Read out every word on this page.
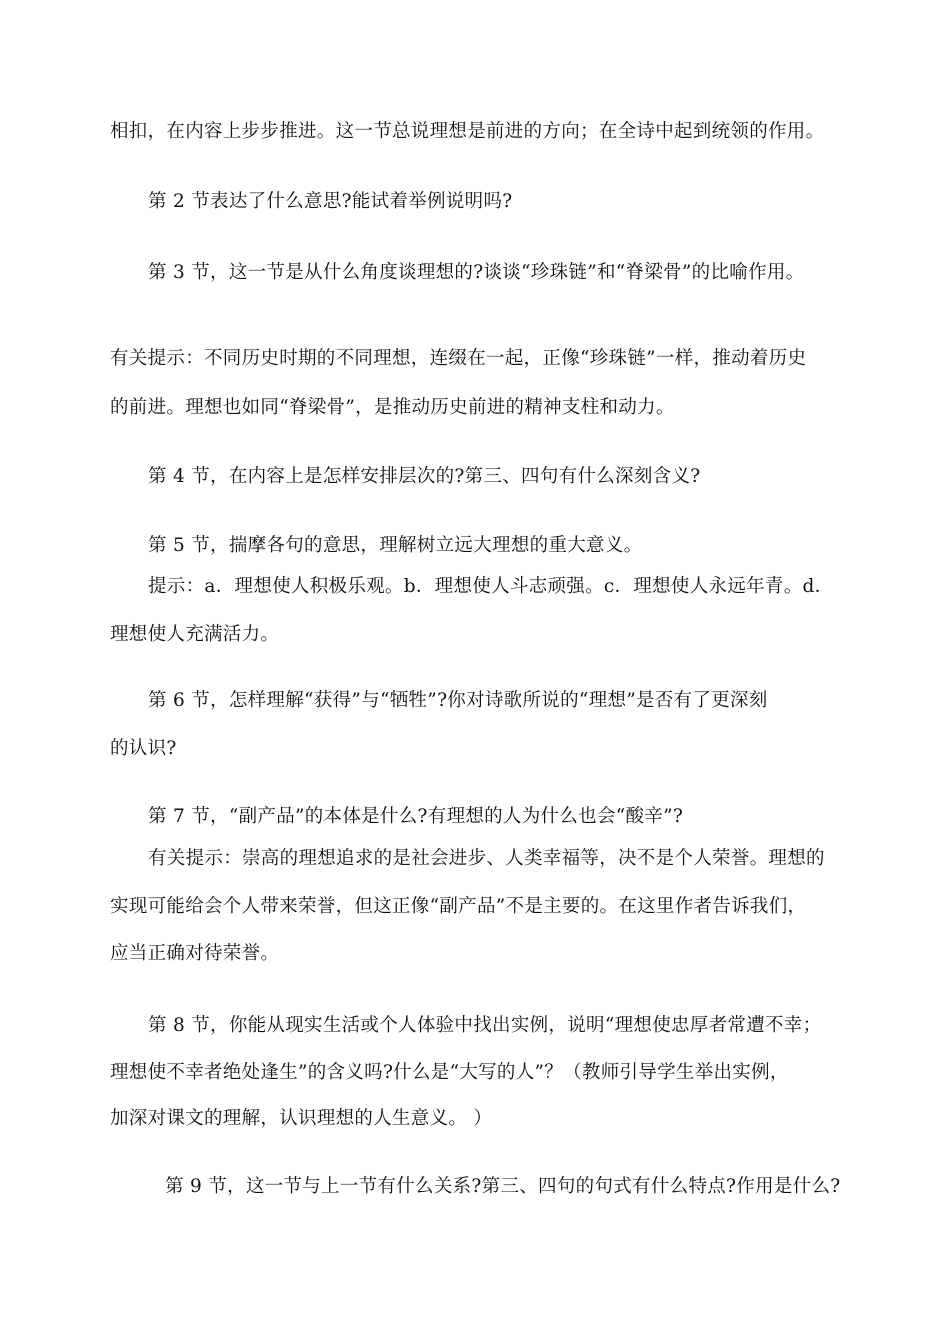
相扣，在内容上步步推进。这一节总说理想是前进的方向；在全诗中起到统领的作用。
第 2 节表达了什么意思?能试着举例说明吗?
第 3 节，这一节是从什么角度谈理想的?谈谈“珍珠链”和“脊梁骨”的比喻作用。
有关提示：不同历史时期的不同理想，连缀在一起，正像“珍珠链”一样，推动着历史
的前进。理想也如同“脊梁骨”，是推动历史前进的精神支柱和动力。
第 4 节，在内容上是怎样安排层次的?第三、四句有什么深刻含义?
第 5 节，揣摩各句的意思，理解树立远大理想的重大意义。
提示：a．理想使人积极乐观。b．理想使人斗志顽强。c．理想使人永远年青。d．
理想使人充满活力。
第 6 节，怎样理解“获得”与“牺牲”?你对诗歌所说的“理想”是否有了更深刻
的认识?
第 7 节，“副产品”的本体是什么?有理想的人为什么也会“酸辛”?
有关提示：崇高的理想追求的是社会进步、人类幸福等，决不是个人荣誉。理想的
实现可能给会个人带来荣誉，但这正像“副产品”不是主要的。在这里作者告诉我们，
应当正确对待荣誉。
第 8 节，你能从现实生活或个人体验中找出实例，说明“理想使忠厚者常遭不幸；
理想使不幸者绝处逢生”的含义吗?什么是“大写的人”？（教师引导学生举出实例，
加深对课文的理解，认识理想的人生意义。 ）
第 9 节，这一节与上一节有什么关系?第三、四句的句式有什么特点?作用是什么?
